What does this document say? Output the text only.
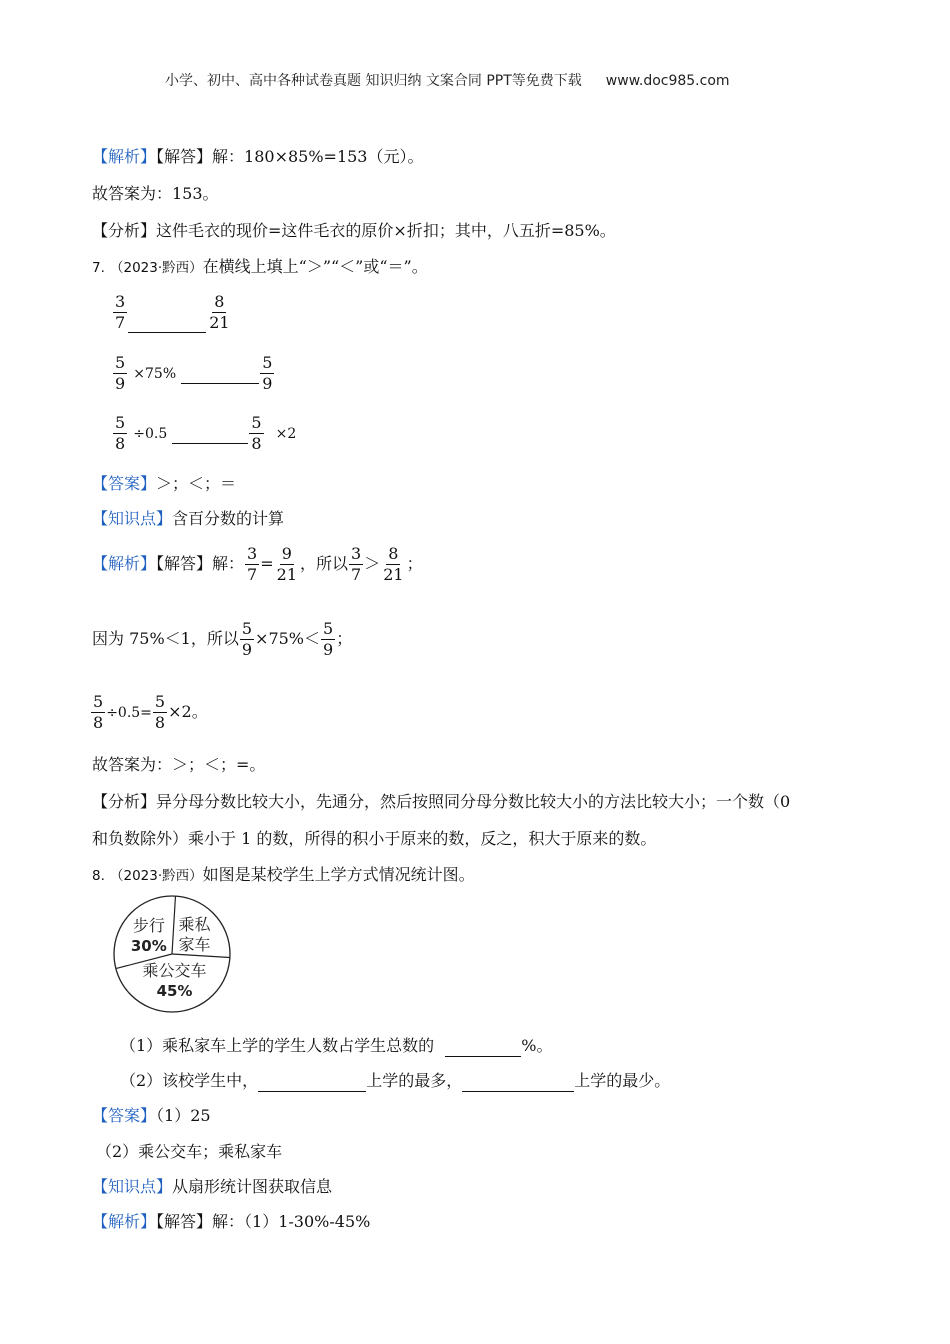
小学、初中、高中各种试卷真题 知识归纳 文案合同 PPT等免费下载 www.doc985.com
【解析】【解答】解：180×85%=153（元）。
故答案为：153。
【分析】这件毛衣的现价=这件毛衣的原价×折扣；其中，八五折=85%。
7. （2023·黔西）在横线上填上“＞”“＜”或“＝”。
$\frac{3}{7}$	$\frac{8}{21}$
$\frac{5}{9} \times 75\%$	$\frac{5}{9}$
$\frac{5}{8} \div 0.5$	$\frac{5}{8} \times 2$
【答案】＞；＜；＝
【知识点】含百分数的计算
【解析】【解答】解： $\frac{3}{7} = \frac{9}{21}$ ，所以 $\frac{3}{7} > \frac{8}{21}$ ；
因为 75%＜1，所以 $\frac{5}{9} \times 75\%< \frac{5}{9}$ ；
$\frac{5}{8} \div 0.5= \frac{5}{8} \times 2$。
故答案为：＞；＜；=。
【分析】异分母分数比较大小，先通分，然后按照同分母分数比较大小的方法比较大小；一个数（0
和负数除外）乘小于 1 的数，所得的积小于原来的数，反之，积大于原来的数。
8. （2023·黔西）如图是某校学生上学方式情况统计图。
乘私
家车
乘公交车
45%
步行
30%
（1）乘私家车上学的学生人数占学生总数的	%。
（2）该校学生中，	上学的最多，	上学的最少。
【答案】（1）25
（2）乘公交车；乘私家车
【知识点】从扇形统计图获取信息
【解析】【解答】解：（1）1-30%-45%
